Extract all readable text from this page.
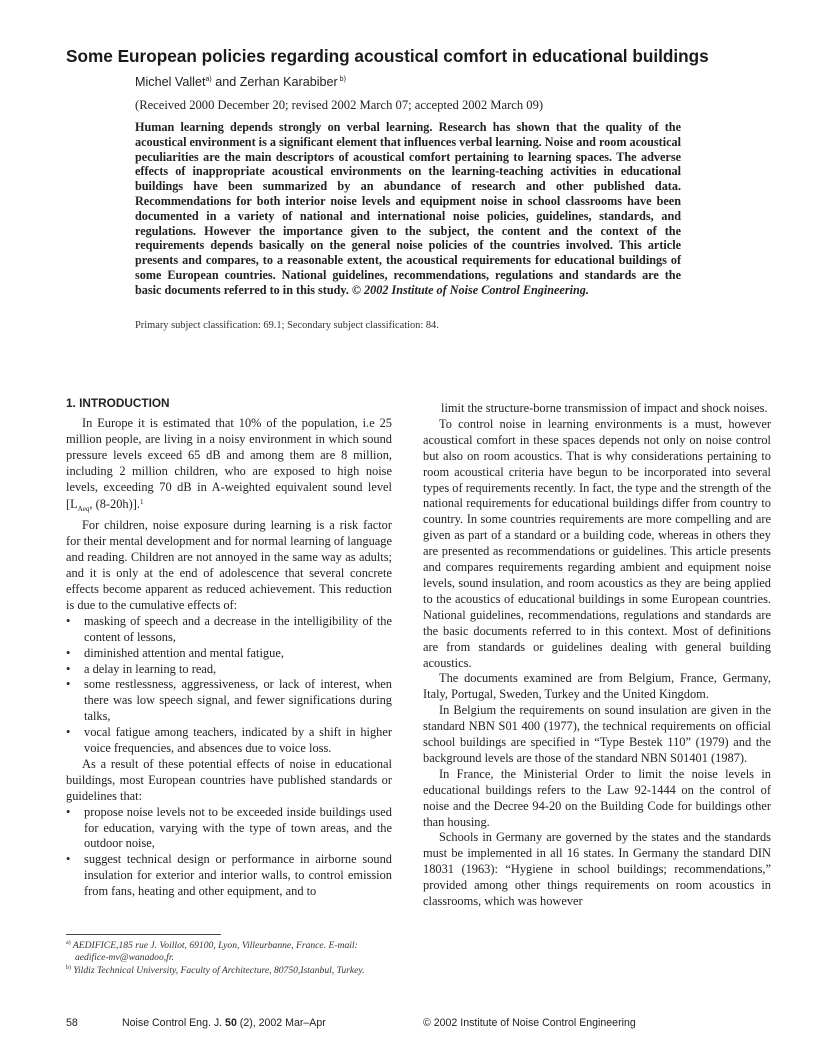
Some European policies regarding acoustical comfort in educational buildings
Michel Vallet$^{a)}$ and Zerhan Karabiber $^{b)}$
(Received 2000 December 20; revised 2002 March 07; accepted 2002 March 09)
Human learning depends strongly on verbal learning. Research has shown that the quality of the acoustical environment is a significant element that influences verbal learning. Noise and room acoustical peculiarities are the main descriptors of acoustical comfort pertaining to learning spaces. The adverse effects of inappropriate acoustical environments on the learning-teaching activities in educational buildings have been summarized by an abundance of research and other published data. Recommendations for both interior noise levels and equipment noise in school classrooms have been documented in a variety of national and international noise policies, guidelines, standards, and regulations. However the importance given to the subject, the content and the context of the requirements depends basically on the general noise policies of the countries involved. This article presents and compares, to a reasonable extent, the acoustical requirements for educational buildings of some European countries. National guidelines, recommendations, regulations and standards are the basic documents referred to in this study. © 2002 Institute of Noise Control Engineering.
Primary subject classification: 69.1; Secondary subject classification: 84.
1. INTRODUCTION

In Europe it is estimated that 10% of the population, i.e 25 million people, are living in a noisy environment in which sound pressure levels exceed 65 dB and among them are 8 million, including 2 million children, who are exposed to high noise levels, exceeding 70 dB in A-weighted equivalent sound level [$L_{Aeq}$, (8-20h)].$^1$

For children, noise exposure during learning is a risk factor for their mental development and for normal learning of language and reading. Children are not annoyed in the same way as adults; and it is only at the end of adolescence that several concrete effects become apparent as reduced achievement. This reduction is due to the cumulative effects of:

• masking of speech and a decrease in the intelligibility of the content of lessons,
• diminished attention and mental fatigue,
• a delay in learning to read,
• some restlessness, aggressiveness, or lack of interest, when there was low speech signal, and fewer significations during talks,
• vocal fatigue among teachers, indicated by a shift in higher voice frequencies, and absences due to voice loss.

As a result of these potential effects of noise in educational buildings, most European countries have published standards or guidelines that:

• propose noise levels not to be exceeded inside buildings used for education, varying with the type of town areas, and the outdoor noise,
• suggest technical design or performance in airborne sound insulation for exterior and interior walls, to control emission from fans, heating and other equipment, and to

limit the structure-borne transmission of impact and shock noises.

To control noise in learning environments is a must, however acoustical comfort in these spaces depends not only on noise control but also on room acoustics. That is why considerations pertaining to room acoustical criteria have begun to be incorporated into several types of requirements recently. In fact, the type and the strength of the national requirements for educational buildings differ from country to country. In some countries requirements are more compelling and are given as part of a standard or a building code, whereas in others they are presented as recommendations or guidelines. This article presents and compares requirements regarding ambient and equipment noise levels, sound insulation, and room acoustics as they are being applied to the acoustics of educational buildings in some European countries. National guidelines, recommendations, regulations and standards are the basic documents referred to in this context. Most of definitions are from standards or guidelines dealing with general building acoustics.

The documents examined are from Belgium, France, Germany, Italy, Portugal, Sweden, Turkey and the United Kingdom.

In Belgium the requirements on sound insulation are given in the standard NBN S01 400 (1977), the technical requirements on official school buildings are specified in “Type Bestek 110” (1979) and the background levels are those of the standard NBN S01401 (1987).

In France, the Ministerial Order to limit the noise levels in educational buildings refers to the Law 92-1444 on the control of noise and the Decree 94-20 on the Building Code for buildings other than housing.

Schools in Germany are governed by the states and the standards must be implemented in all 16 states. In Germany the standard DIN 18031 (1963): “Hygiene in school buildings; recommendations,” provided among other things requirements on room acoustics in classrooms, which was however

$^{a)}$ AEDIFICE,185 rue J. Voillot, 69100, Lyon, Villeurbanne, France. E-mail: aedifice-mv@wanadoo,fr.
$^{b)}$ Yildiz Technical University, Faculty of Architecture, 80750,Istanbul, Turkey.
58	Noise Control Eng. J. 50 (2), 2002 Mar–Apr	© 2002 Institute of Noise Control Engineering
